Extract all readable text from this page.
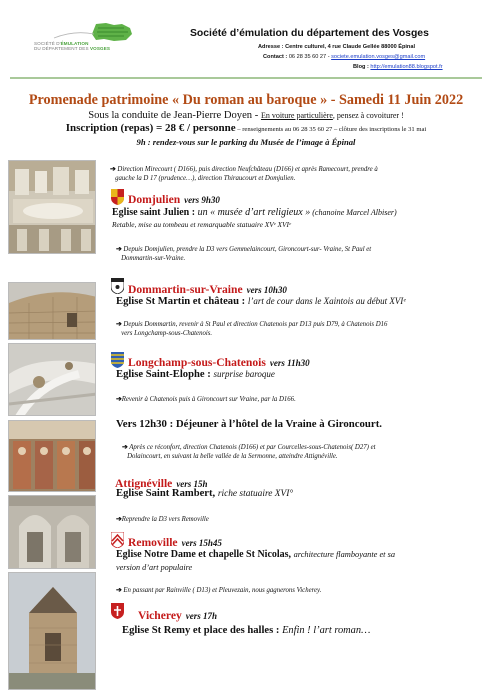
SOCIÉTÉ D'ÉMULATION
DU DÉPARTEMENT DES VOSGES
Société d’émulation du département des Vosges
Adresse : Centre culturel, 4 rue Claude Gellée 88000 Épinal
Contact : 06 28 35 60 27 - societe.emulation.vosges@gmail.com
Blog : http://emulation88.blogspot.fr
Promenade patrimoine « Du roman au baroque » - Samedi 11 Juin 2022
Sous la conduite de Jean-Pierre Doyen - En voiture particulière, pensez à covoiturer !
Inscription (repas) = 28 € / personne – renseignements au 06 28 35 60 27 – clôture des inscriptions le 31 mai
9h : rendez-vous sur le parking du Musée de l’image à Épinal
➔ Direction Mirecourt ( D166), puis direction Neufchâteau (D166) et après Ramecourt, prendre à
gauche la D 17 (prudence…), direction Thiraucourt et Domjulien.
Domjulien vers 9h30
Eglise saint Julien : un « musée d’art religieux » (chanoine Marcel Albiser)
Retable, mise au tombeau et remarquable statuaire XVᵉ XVIᵉ
➔ Depuis Domjulien, prendre la D3 vers Gemmelaincourt, Gironcourt-sur- Vraine, St Paul et
Dommartin-sur-Vraine.
Dommartin-sur-Vraine vers 10h30
Eglise St Martin et château : l’art de cour dans le Xaintois au début XVIᵉ
➔ Depuis Dommartin, revenir à St Paul et direction Chatenois par D13 puis D79, à Chatenois D16
vers Longchamp-sous-Chatenois.
Longchamp-sous-Chatenois vers 11h30
Eglise Saint-Elophe : surprise baroque
➔Revenir à Chatenois puis à Gironcourt sur Vraine, par la D166.
Vers 12h30 : Déjeuner à l’hôtel de la Vraine à Gironcourt.
➔ Après ce réconfort, direction Chatenois (D166) et par Courcelles-sous-Chatenois( D27) et
Dolaincourt, en suivant la belle vallée de la Sermonne, atteindre Attignéville.
Attignéville vers 15h
Eglise Saint Rambert, riche statuaire XVI°
➔Reprendre la D3 vers Removille
Removille vers 15h45
Eglise Notre Dame et chapelle St Nicolas, architecture flamboyante et sa
version d’art populaire
➔ En passant par Rainville ( D13) et Pleuvezain, nous gagnerons Vicherey.
Vicherey vers 17h
Eglise St Remy et place des halles : Enfin ! l’art roman…
